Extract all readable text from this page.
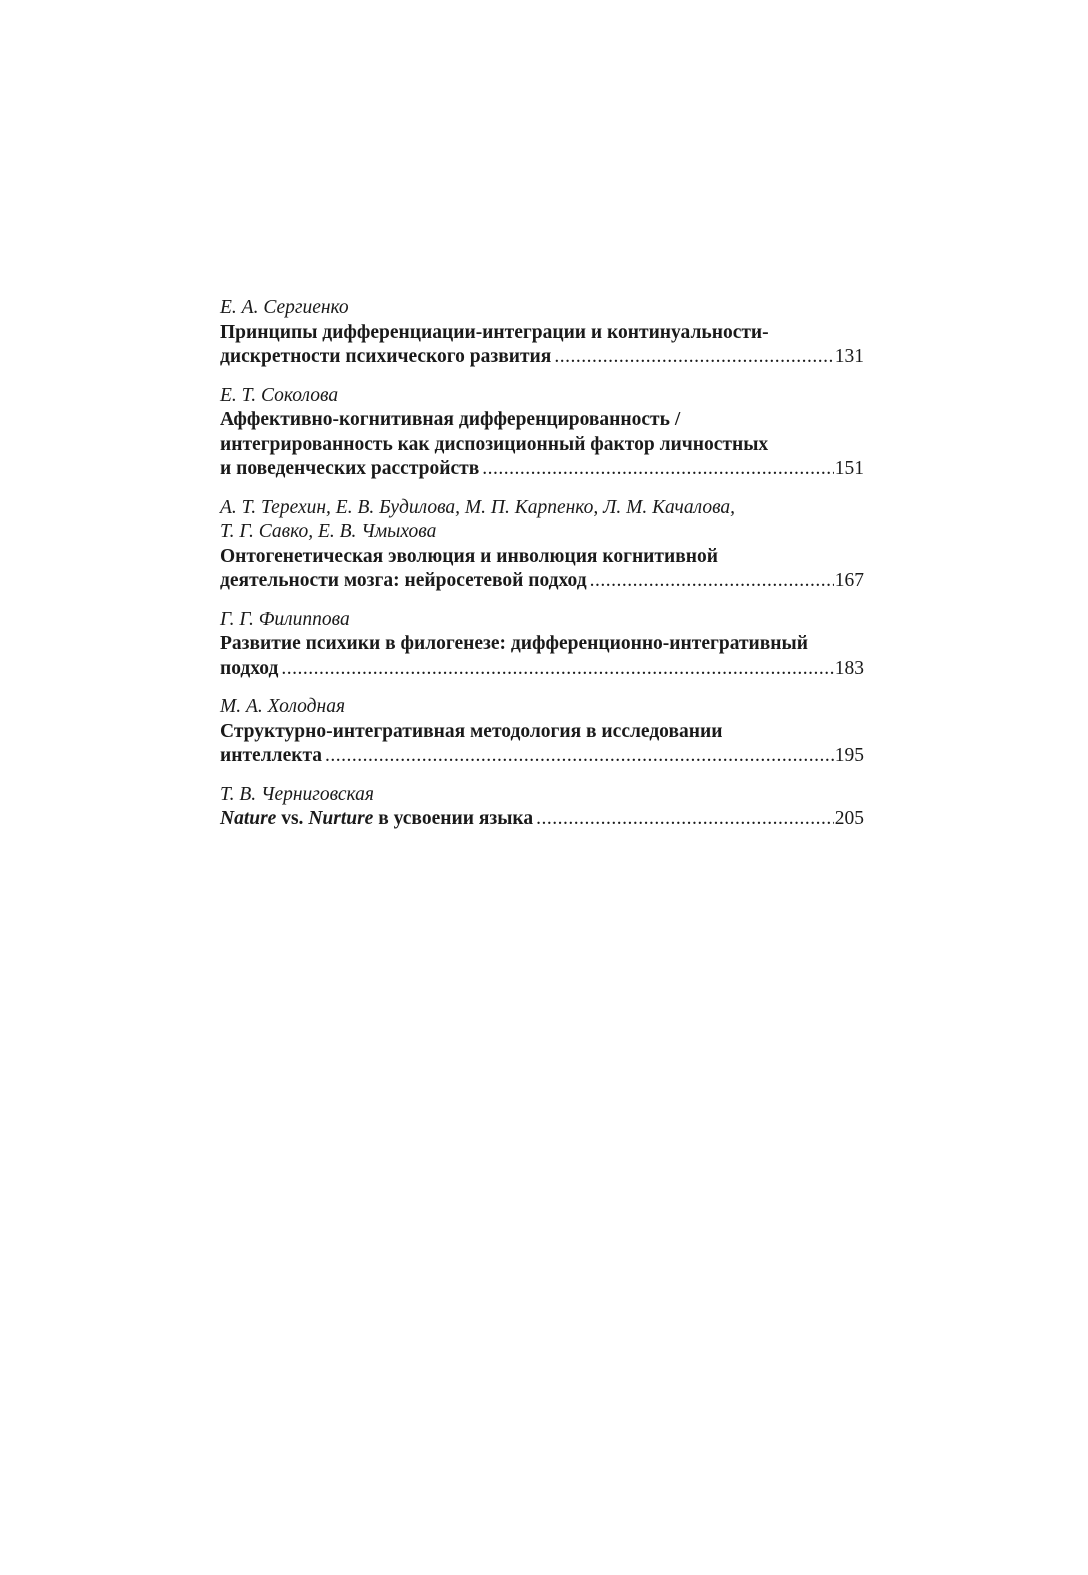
Е. А. Сергиенко
Принципы дифференциации-интеграции и континуальности-
дискретности психического развития .....	131
Е. Т. Соколова
Аффективно-когнитивная дифференцированность /
интегрированность как диспозиционный фактор личностных
и поведенческих расстройств .....	151
А. Т. Терехин, Е. В. Будилова, М. П. Карпенко, Л. М. Качалова,
Т. Г. Савко, Е. В. Чмыхова
Онтогенетическая эволюция и инволюция когнитивной
деятельности мозга: нейросетевой подход .....	167
Г. Г. Филиппова
Развитие психики в филогенезе: дифференционно-интегративный
подход .....	183
М. А. Холодная
Структурно-интегративная методология в исследовании
интеллекта .....	195
Т. В. Черниговская
Nature vs. Nurture в усвоении языка .....	205
